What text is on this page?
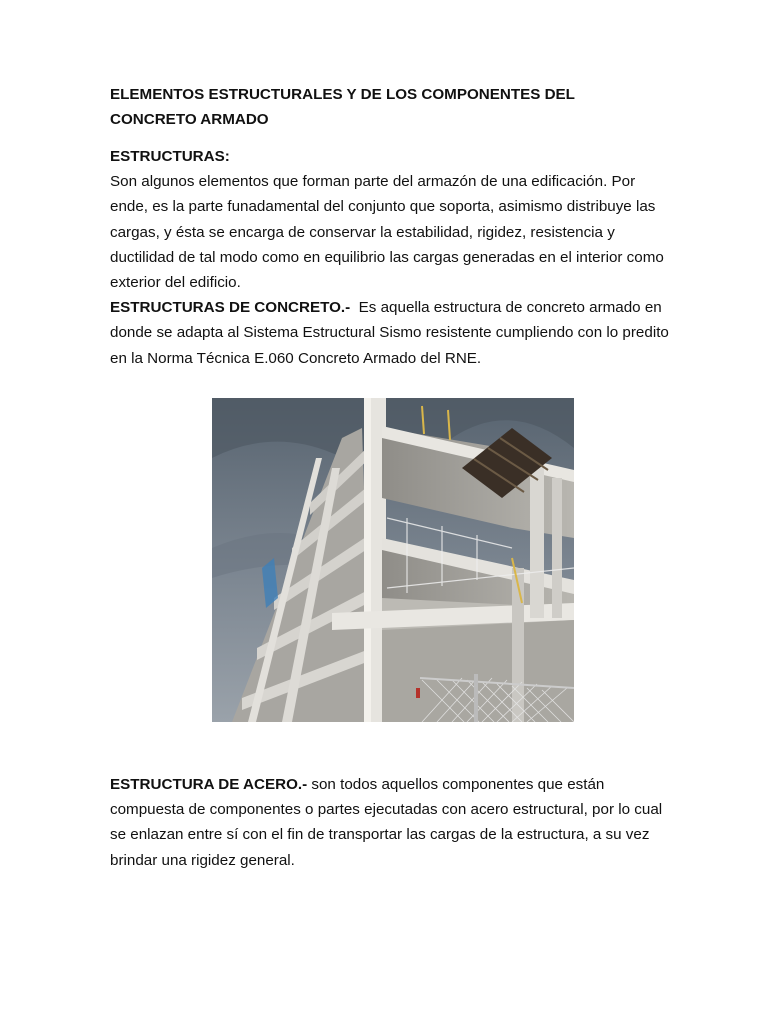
ELEMENTOS ESTRUCTURALES Y DE LOS COMPONENTES DEL
CONCRETO ARMADO
ESTRUCTURAS:
Son algunos elementos que forman parte del armazón de una edificación. Por ende, es la parte funadamental del conjunto que soporta, asimismo distribuye las cargas, y ésta se encarga de conservar la estabilidad, rigidez, resistencia y ductilidad de tal modo como en equilibrio las cargas generadas en el interior como exterior del edificio.
ESTRUCTURAS DE CONCRETO.- Es aquella estructura de concreto armado en donde se adapta al Sistema Estructural Sismo resistente cumpliendo con lo predito en la Norma Técnica E.060 Concreto Armado del RNE.
ESTRUCTURA DE ACERO.- son todos aquellos componentes que están compuesta de componentes o partes ejecutadas con acero estructural, por lo cual se enlazan entre sí con el fin de transportar las cargas de la estructura, a su vez brindar una rigidez general.
